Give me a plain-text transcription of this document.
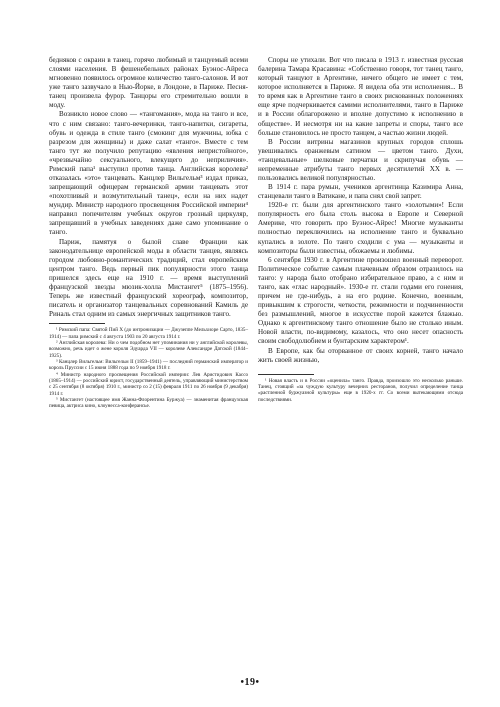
бедняков с окраин в танец, горячо любимый и танцуемый всеми слоями населения. В фешенебельных районах Буэнос-Айреса мгновенно появилось огромное количество танго-салонов. И вот уже танго зазвучало в Нью-Йорке, в Лондоне, в Париже. Песня-танец произвела фурор. Танцоры его стремительно вошли в моду.

Возникло новое слово — «тангомания», мода на танго и все, что с ним связано: танго-вечеринки, танго-напитки, сигареты, обувь и одежда в стиле танго (смокинг для мужчины, юбка с разрезом для женщины) и даже салат «танго». Вместе с тем танго тут же получило репутацию «явления непристойного», «чрезвычайно сексуального, влекущего до неприличия». Римский папа¹ выступил против танца. Английская королева² отказалась «это» танцевать. Канцлер Вильгельм³ издал приказ, запрещающий офицерам германской армии танцевать этот «похотливый и возмутительный танец», если на них надет мундир. Министр народного просвещения Российской империи⁴ направил попечителям учебных округов грозный циркуляр, запрещавший в учебных заведениях даже само упоминание о танго.

Париж, памятуя о былой славе Франции как законодательнице европейской моды в области танцев, являясь городом любовно-романтических традиций, стал европейским центром танго. Ведь первый пик популярности этого танца пришелся здесь еще на 1910 г. — время выступлений французской звезды мюзик-холла Мистангет⁵ (1875–1956). Теперь же известный французский хореограф, композитор, писатель и организатор танцевальных соревнований Камиль де Риналь стал одним из самых энергичных защитников танго.

¹ Римский папа: Святой Пий X (до интронизации — Джузеппе Мельхиоре Сарто, 1835–1914) — папа римский с 4 августа 1903 по 20 августа 1914 г.

² Английская королева: Ни о чем подобном нет упоминания ни у английской королевы, возможно, речь идет о жене короля Эдуарда VII — королеве Александре Датской (1844–1925).

³ Канцлер Вильгельм: Вильгельм II (1859–1941) — последний германский император и король Пруссии с 15 июня 1888 года по 9 ноября 1918 г.

⁴ Министр народного просвещения Российской империи: Лев Аристидович Кассо (1865–1914) — российский юрист, государственный деятель, управляющий министерством с 25 сентября (8 октября) 1910 г., министр со 2 (15) февраля 1911 по 26 ноября (9 декабря) 1914 г.

⁵ Мистангет (настоящее имя Жанна-Флорентина Буржуа) — знаменитая французская певица, актриса кино, клоунесса-конферансье.

Споры не утихали. Вот что писала в 1913 г. известная русская балерина Тамара Красавина: «Собственно говоря, тот танец танго, который танцуют в Аргентине, ничего общего не имеет с тем, которое исполняется в Париже. Я видела оба эти исполнения... В то время как в Аргентине танго в своих рискованных положениях еще ярче подчеркивается самими исполнителями, танго в Париже и в России облагорожено и вполне допустимо к исполнению в обществе». И несмотря ни на какие запреты и споры, танго все больше становилось не просто танцем, а частью жизни людей.

В России витрины магазинов крупных городов сплошь увешивались оранжевым сатином — цветом танго. Духи, «танцевальные» шелковые перчатки и скрипучая обувь — непременные атрибуты танго первых десятилетий XX в. — пользовались великой популярностью.

В 1914 г. пара румын, учеников аргентинца Казимира Анна, станцевали танго в Ватикане, и папа снял свой запрет.

1920-е гг. были для аргентинского танго «золотыми»! Если популярность его была столь высока в Европе и Северной Америке, что говорить про Буэнос-Айрес! Многие музыканты полностью переключились на исполнение танго и буквально купались в золоте. По танго сходили с ума — музыканты и композиторы были известны, обожаемы и любимы.

6 сентября 1930 г. в Аргентине произошел военный переворот. Политическое событие самым плачевным образом отразилось на танго: у народа было отобрано избирательное право, а с ним и танго, как «глас народный». 1930-е гг. стали годами его гонения, причем не где-нибудь, а на его родине. Конечно, военным, привыкшим к строгости, четкости, режимности и подчиненности без размышлений, многое в искусстве порой кажется блажью. Однако к аргентинскому танго отношение было не столько иным. Новой власти, по-видимому, казалось, что оно несет опасность своим свободолюбием и бунтарским характером¹.

В Европе, как бы оторванное от своих корней, танго начало жить своей жизнью,

¹ Новая власть и в России «оценила» танго. Правда, произошло это несколько раньше. Танец, стоящий «за чуждую культуру вечерних ресторанов, получил определение танца «растленной буржуазной культуры» еще в 1920-х гг. Со всеми вытекающими отсюда последствиями.

•19•
